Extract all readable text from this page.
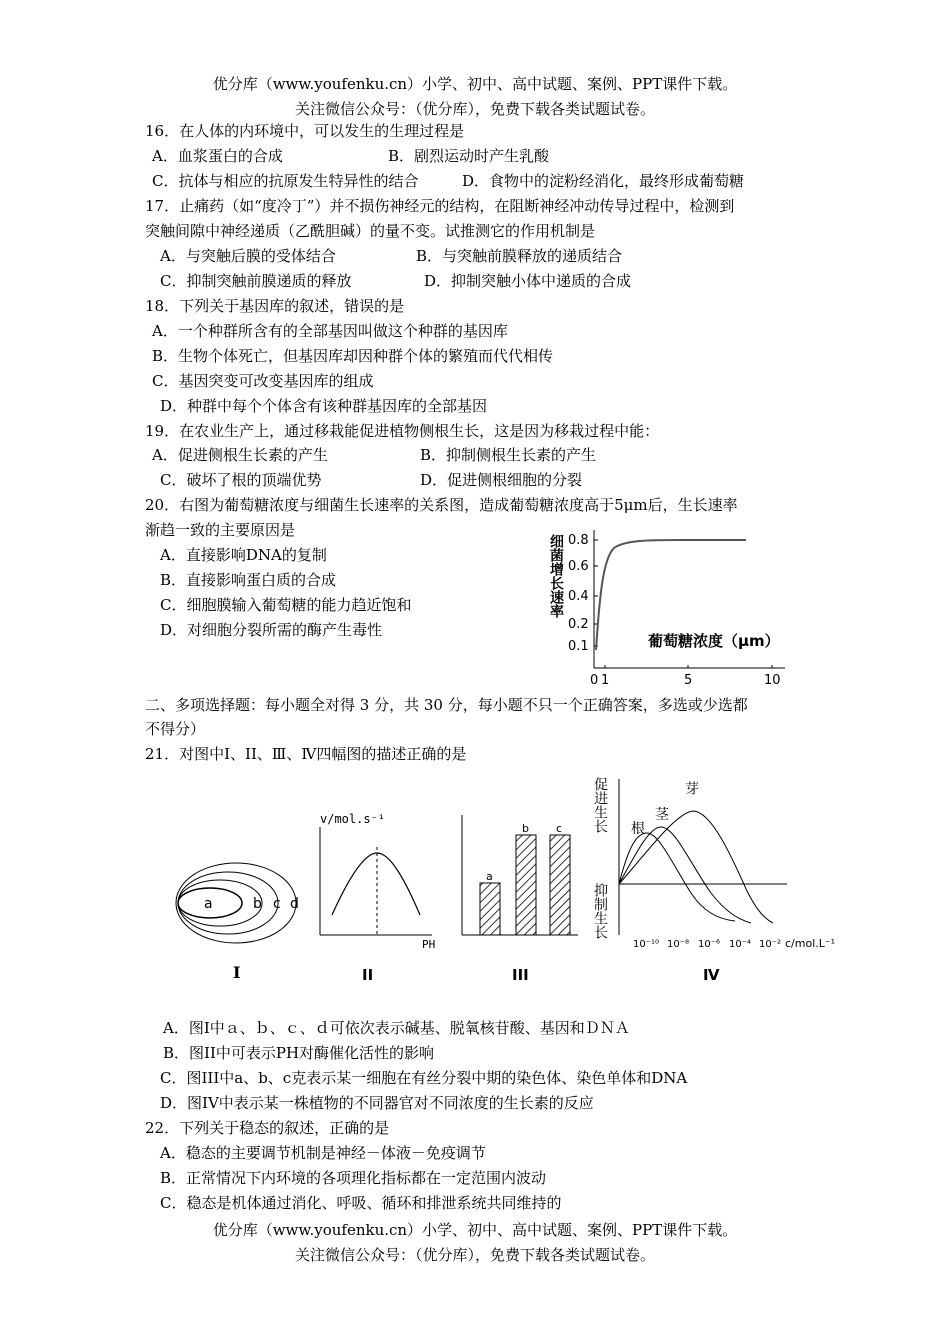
优分库（www.youfenku.cn）小学、初中、高中试题、案例、PPT课件下载。
关注微信公众号：（优分库），免费下载各类试题试卷。
16．在人体的内环境中，可以发生的生理过程是
A．血浆蛋白的合成	B．剧烈运动时产生乳酸
C．抗体与相应的抗原发生特异性的结合	D．食物中的淀粉经消化，最终形成葡萄糖
17．止痛药（如“度冷丁”）并不损伤神经元的结构，在阻断神经冲动传导过程中，检测到
突触间隙中神经递质（乙酰胆碱）的量不变。试推测它的作用机制是
A．与突触后膜的受体结合	B．与突触前膜释放的递质结合
C．抑制突触前膜递质的释放	D．抑制突触小体中递质的合成
18．下列关于基因库的叙述，错误的是
A．一个种群所含有的全部基因叫做这个种群的基因库
B．生物个体死亡，但基因库却因种群个体的繁殖而代代相传
C．基因突变可改变基因库的组成
D．种群中每个个体含有该种群基因库的全部基因
19．在农业生产上，通过移栽能促进植物侧根生长，这是因为移栽过程中能：
A．促进侧根生长素的产生	B．抑制侧根生长素的产生
C．破坏了根的顶端优势	D．促进侧根细胞的分裂
20．右图为葡萄糖浓度与细菌生长速率的关系图，造成葡萄糖浓度高于5μm后，生长速率
渐趋一致的主要原因是
A．直接影响DNA的复制
B．直接影响蛋白质的合成
C．细胞膜输入葡萄糖的能力趋近饱和
D．对细胞分裂所需的酶产生毒性
细菌增长速率 0.8
0.6
0.4
0.2
0.1
0 1	5	10
葡萄糖浓度（μm）
二、多项选择题：每小题全对得 3 分，共 30 分，每小题不只一个正确答案，多选或少选都
不得分）
21．对图中Ⅰ、II、Ⅲ、Ⅳ四幅图的描述正确的是
a	b c d
I
v/mol.s⁻¹
PH
II
a
b c
III
促进生长
抑制生长
根
茎
芽
10⁻¹⁰ 10⁻⁸ 10⁻⁶ 10⁻⁴ 10⁻² c/mol.L⁻¹
Ⅳ
A．图I中ａ、ｂ、ｃ、ｄ可依次表示碱基、脱氧核苷酸、基因和ＤＮＡ
B．图II中可表示PH对酶催化活性的影响
C．图III中a、b、c克表示某一细胞在有丝分裂中期的染色体、染色单体和DNA
D．图IV中表示某一株植物的不同器官对不同浓度的生长素的反应
22．下列关于稳态的叙述，正确的是
A．稳态的主要调节机制是神经－体液－免疫调节
B．正常情况下内环境的各项理化指标都在一定范围内波动
C．稳态是机体通过消化、呼吸、循环和排泄系统共同维持的
优分库（www.youfenku.cn）小学、初中、高中试题、案例、PPT课件下载。
关注微信公众号：（优分库），免费下载各类试题试卷。
